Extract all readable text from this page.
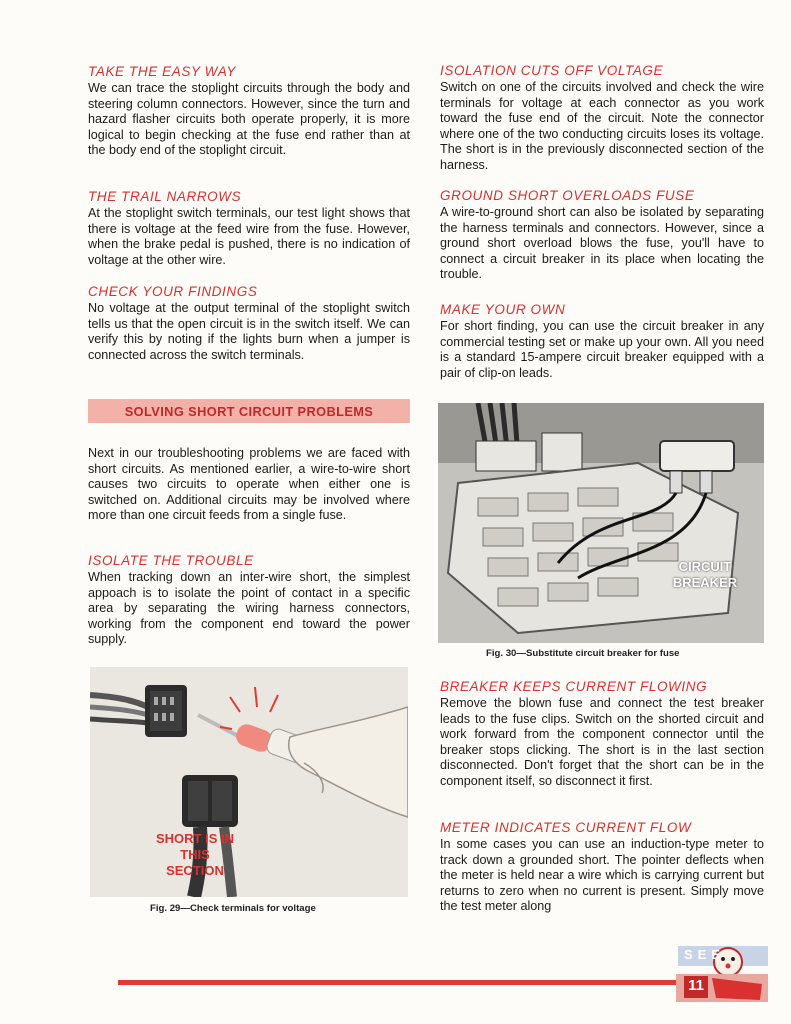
TAKE THE EASY WAY

We can trace the stoplight circuits through the body and steering column connectors. However, since the turn and hazard flasher circuits both operate properly, it is more logical to begin checking at the fuse end rather than at the body end of the stoplight circuit.

THE TRAIL NARROWS

At the stoplight switch terminals, our test light shows that there is voltage at the feed wire from the fuse. However, when the brake pedal is pushed, there is no indication of voltage at the other wire.

CHECK YOUR FINDINGS

No voltage at the output terminal of the stoplight switch tells us that the open circuit is in the switch itself. We can verify this by noting if the lights burn when a jumper is connected across the switch terminals.

SOLVING SHORT CIRCUIT PROBLEMS

Next in our troubleshooting problems we are faced with short circuits. As mentioned earlier, a wire-to-wire short causes two circuits to operate when either one is switched on. Additional circuits may be involved where more than one circuit feeds from a single fuse.

ISOLATE THE TROUBLE

When tracking down an inter-wire short, the simplest appoach is to isolate the point of contact in a specific area by separating the wiring harness connectors, working from the component end toward the power supply.

SHORT IS IN THIS SECTION
Fig. 29—Check terminals for voltage
ISOLATION CUTS OFF VOLTAGE

Switch on one of the circuits involved and check the wire terminals for voltage at each connector as you work toward the fuse end of the circuit. Note the connector where one of the two conducting circuits loses its voltage. The short is in the previously disconnected section of the harness.

GROUND SHORT OVERLOADS FUSE

A wire-to-ground short can also be isolated by separating the harness terminals and connectors. However, since a ground short overload blows the fuse, you'll have to connect a circuit breaker in its place when locating the trouble.

MAKE YOUR OWN

For short finding, you can use the circuit breaker in any commercial testing set or make up your own. All you need is a standard 15-ampere circuit breaker equipped with a pair of clip-on leads.

CIRCUIT BREAKER
Fig. 30—Substitute circuit breaker for fuse
BREAKER KEEPS CURRENT FLOWING

Remove the blown fuse and connect the test breaker leads to the fuse clips. Switch on the shorted circuit and work forward from the component connector until the breaker stops clicking. The short is in the last section disconnected. Don't forget that the short can be in the component itself, so disconnect it first.

METER INDICATES CURRENT FLOW

In some cases you can use an induction-type meter to track down a grounded short. The pointer deflects when the meter is held near a wire which is carrying current but returns to zero when no current is present. Simply move the test meter along

SEE
11
